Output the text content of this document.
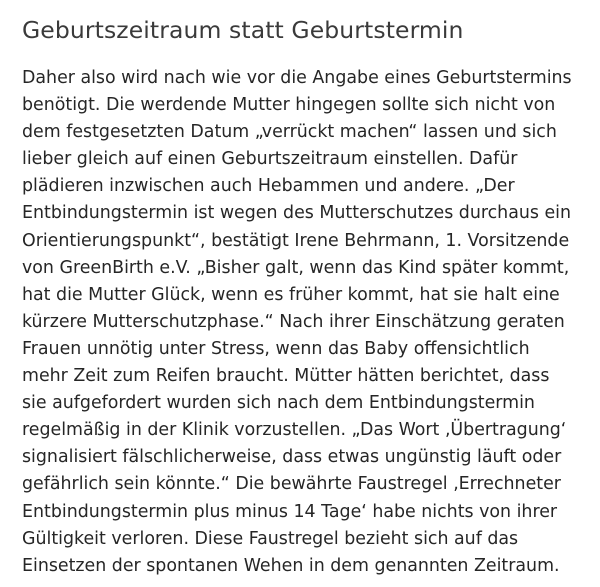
Geburtszeitraum statt Geburtstermin

Daher also wird nach wie vor die Angabe eines Geburtstermins
benötigt. Die werdende Mutter hingegen sollte sich nicht von
dem festgesetzten Datum „verrückt machen“ lassen und sich
lieber gleich auf einen Geburtszeitraum einstellen. Dafür
plädieren inzwischen auch Hebammen und andere. „Der
Entbindungstermin ist wegen des Mutterschutzes durchaus ein
Orientierungspunkt“, bestätigt Irene Behrmann, 1. Vorsitzende
von GreenBirth e.V. „Bisher galt, wenn das Kind später kommt,
hat die Mutter Glück, wenn es früher kommt, hat sie halt eine
kürzere Mutterschutzphase.“ Nach ihrer Einschätzung geraten
Frauen unnötig unter Stress, wenn das Baby offensichtlich
mehr Zeit zum Reifen braucht. Mütter hätten berichtet, dass
sie aufgefordert wurden sich nach dem Entbindungstermin
regelmäßig in der Klinik vorzustellen. „Das Wort ‚Übertragung‘
signalisiert fälschlicherweise, dass etwas ungünstig läuft oder
gefährlich sein könnte.“ Die bewährte Faustregel ‚Errechneter
Entbindungstermin plus minus 14 Tage‘ habe nichts von ihrer
Gültigkeit verloren. Diese Faustregel bezieht sich auf das
Einsetzen der spontanen Wehen in dem genannten Zeitraum.
